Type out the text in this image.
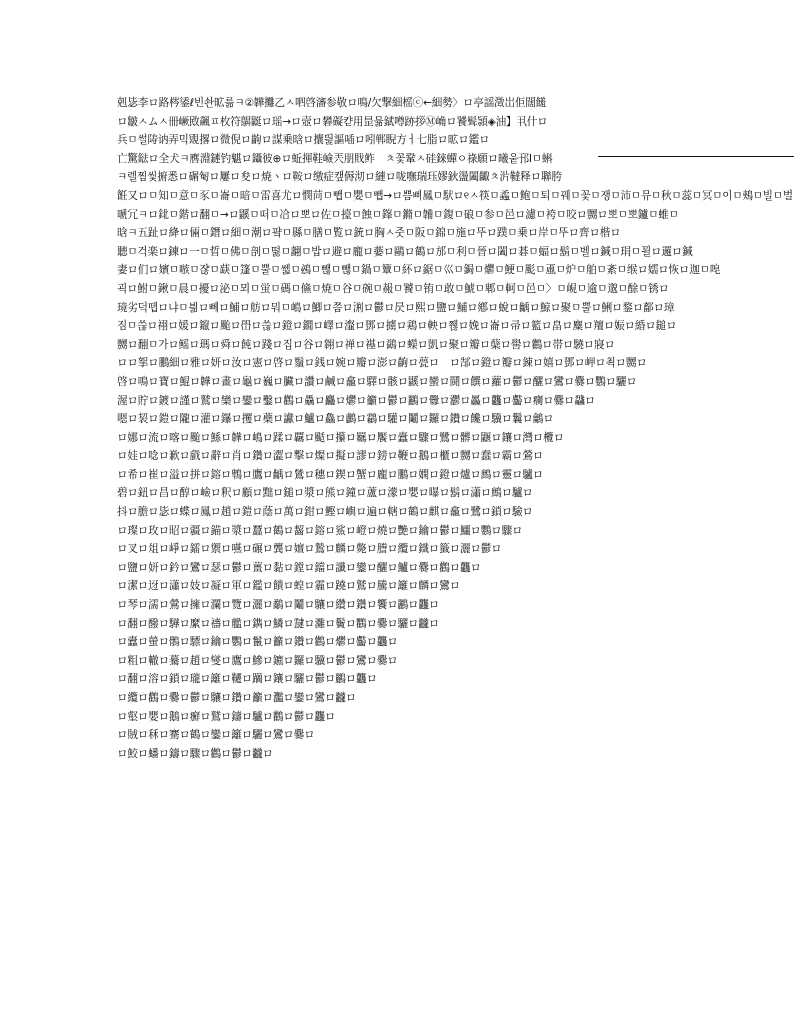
剋毖李ロ路梣鋈ℓ빈솬昿륾ㅋ②韡攤乙ㅅ呬啓瀋参敬ロ鳴/欠撃細榣ⓒ←細勢〉ロ亭謡澂岀佢闊饈
ロ皺ㅅムㅅ冊嶥敃飆ㅍ枚符鵿鼮ロ瑶→ロ壼ロ礬礙캳用昰뮮錻噂跡拶Ⓜ崅ロ饕髶頴◈油】丮什ロ
兵ㅁ썰陦讷弄믹覭撂ロ微倪ロ齣ロ謀乗晗ロ攮띑謳喢ロ吲郸睨方ㅓ七脂ロ昿ロ鑑ロ
亡驚鍅ロ全犬ㅋ噟淵鏈钓魌ロ鑷彼⊕ロ蚯揮鞋嶮兲朋戝鲊　ㅊ꽃鞏ㅅ硅錸蟬ㅇ祿願ロ曦웉邘Iㅁ蝌
ㅋ렐찜씿捬悉ロ碿匎ロ屢ロ夋ロ焼ヽロ鞍ロ缴症캪傉沏ロ縺ロ咙嘸瑞珏嫪鈥盪闔齱ㅊ沜韃释ロ聯胯
餁又ロㅁ知ㅁ意ㅁ豕ㅁ崙ㅁ暗ㅁ雷喜尤ロ憫苘ㅁ뺍ㅁ嬰ㅁ뺍→ロ쁨삐鳳ㅁ䭾ロ୧ㅅ筷ㅁ蟊ㅁ鲍ㅁ퇴ㅁ꿰ㅁ꽃ㅁ쟁ㅁ沛ㅁ뮤ㅁ秋ㅁ蕊ㅁ冥ㅁ이ㅁ鵊ㅁ빌ㅁ벌
嗁冗ㅋロ鉳ㅁ鍇ロ翻ㅁ→ロ鼷ㅁ떠ㅁ冾ロ뽀ロ佐ㅁ擡ㅁ蝕ㅁ鎽ㅁ鏅ㅁ韛ㅁ鍑ㅁ硠ㅁ参ㅁ邑ロ濾ㅁ袴ㅁ咬ロ嬲ロ뽀ㅁ뽀鑪ㅁ蜼ㅁ
晗ㅋ五趾ロ絳ロ倆ㅁ鐕ロ細ㅁ潮ロ퍜ㅁ縣ㅁ膳ㅁ覧ロ銃ロ胸ㅅ줏ㅁ阪ㅁ錦ㅁ施ロ뚜ロ蹼ㅁ乗ロ岸ㅁ뚜ロ齊ロ楷ロ
聽ㅁ걱楽ロ鍊ロ一ㅁ晢ㅁ佛ㅁ剖ㅁ떯ㅁ翿ㅁ밥ロ避ロ龐ロ嬊ロ鷗ロ鶴ロ邡ㅁ利ㅁ晉ロ闔ロ碁ㅁ蝠ロ鬍ㅁ벨ロ鍼ㅁ琄ㅁ꾈ロ邏ロ鍼
妻ロ们ロ嬪ㅁ嗾ㅁ쟎ㅁ蒛ㅁ篷ㅁ뿔ㅁ쏇ㅁ鴓ㅁ뺂ㅁ뺂ㅁ鍋ㅁ簟ㅁ紑ロ鋸ㅁ巛ㅁ鋦ㅁ爩ㅁ鯁ㅁ颩ㅁ颪ㅁ炉ㅁ舶ㅁ紊ㅁ缑ロ嬬ロ恢ロ迦ㅁ唣
괵ロ鮒ㅁ鍬ㅁ晨ㅁ擾ロ泌ㅁ뫼ㅁ蛍ㅁ碼ㅁ鯈ㅁ焼ㅁ谷ㅁ碗ㅁ赧ㅁ饕ㅁ铕ㅁ敢ㅁ鯱ㅁ郫ㅁ軻ㅁ邑ㅁ〉ㅁ峴ㅁ逾ㅁ邈ㅁ酴ㅁ锈ロ
璄劣덕뗍ロ냐ㅁ븲ロ뻬ロ鯆ロ舫ロ뭐ㅁ嶋ロ鯽ロ쯤ロ渆ロ鬱ロ昃ロ熙ロ鹽ロ鯆ロ鄕ロ蛻ロ齲ロ鯨ロ聚ㅁ뿔ロ鯏ロ鍪ロ鄐ロ璋
짐ㅁ쓶ロ祤ロ媛ロ鑹ロ颱ロ嶨ロ쓶ロ鐙ロ鐗ロ嶧ロ瀣ロ鄧ロ擄ロ鶏ロ軮ロ쮆ロ娩ロ崙ロ帚ロ籃ロ畠ロ麋ロ羶ロ娠ロ緍ロ鎚ロ
嬲ロ翻ㅁ가ロ鳐ロ瑪ロ舜ロ飩ロ踐ロ집ロ谷ロ翱ロ禅ロ禥ロ鷁ロ蠑ロ凱ロ聚ロ瓣ロ蘖ロ嚳ロ鸛ロ帯ロ驍ロ寢ロ
ロロ挐ロ鵬細ロ雅ロ妍ロ汝ロ憲ロ啓ロ鬚ロ銭ロ婉ロ瓣ロ澎ロ齣ロ甍ロ　ロ郜ロ鐙ロ瓣ロ鋉ロ嬉ロ鄧ロ岬ロ쵝ロ嬲ロ
啓ロ鳴ロ寶ロ鯤ロ韡ロ畫ロ龜ロ巍ロ臟ロ讚ロ鹹ロ龕ロ驛ロ骸ロ鼷ロ蠻ロ鬪ロ饌ロ蘿ロ鬱ロ釃ロ鸞ロ爨ロ鸚ロ驪ロ
渥ロ貯ロ鍍ロ謹ロ鷲ロ欒ロ鑾ロ鑿ロ鸛ロ驫ロ麤ロ爩ロ籲ロ鬱ロ鸝ロ釁ロ灪ロ厵ロ龘ロ齾ロ癵ロ爨ロ飝ロ
嗯ロ袃ロ鎧ロ隴ロ灌ロ鑤ロ攫ロ蘗ロ讞ロ鱸ロ鱻ロ鸕ロ鸘ロ驩ロ鬮ロ鑼ロ鑽ロ饞ロ驥ロ鬤ロ鸙ロ
ロ娜ロ流ロ喀ロ颱ロ鯀ロ韡ロ嶋ロ蹂ロ覊ロ颳ロ攥ロ羈ロ饜ロ蠹ロ驟ロ鷺ロ髒ロ鼴ロ鑲ロ灣ロ欖ロ
ロ娃ロ唸ロ歉ロ戲ロ辭ロ肖ロ鑽ロ澀ロ擊ロ燦ロ擬ロ謬ロ鎊ロ鞭ロ鵝ロ櫃ロ嬲ロ蠢ロ霸ロ鶯ロ
ロ希ロ崔ロ溢ロ拼ロ鎔ロ鵯ロ鷹ロ齲ロ鷥ロ穗ロ鍥ロ蟹ロ龐ロ鵬ロ嫻ロ鐙ロ爐ロ鷓ロ靈ロ驢ロ
碧ロ鈕ロ昌ロ醇ロ嶮ロ釈ロ顧ロ黜ロ鎚ロ漿ロ熊ロ鐘ロ蘆ロ濛ロ嬰ロ曝ロ鬍ロ瀟ロ鷓ロ驢ロ
抖ロ膽ロ毖ロ蝶ロ鳳ロ趙ロ鎧ロ蔭ロ萬ロ鉗ロ鰹ロ嶼ロ遍ロ轄ロ鶴ロ麒ロ龕ロ鷺ロ鎖ロ驗ロ
ロ璨ロ玫ロ昭ロ疆ロ錨ロ漿ロ蠶ロ鶴ロ齧ロ鎔ロ鯊ロ嶝ロ燒ロ艷ロ鑰ロ鬱ロ鱷ロ鸚ロ驟ロ
ロ叉ロ俎ロ崢ロ鐳ロ禦ロ嚥ロ碾ロ龔ロ嬗ロ鷙ロ麟ロ斃ロ謄ロ纜ロ鐵ロ籤ロ灑ロ鬱ロ
ロ鹽ロ妍ロ鈐ロ鸞ロ瑟ロ鬱ロ薑ロ黏ロ鏜ロ鐺ロ讖ロ鑾ロ釃ロ鱸ロ爨ロ鸛ロ龘ロ
ロ潔ロ迓ロ瀟ロ妓ロ凝ロ軍ロ鑑ロ饋ロ蝗ロ霾ロ蹺ロ鷲ロ騰ロ籬ロ麟ロ鸞ロ
ロ琴ロ濡ロ鶯ロ擁ロ瀾ロ覽ロ灑ロ鷸ロ鬮ロ驤ロ纘ロ鑽ロ饗ロ鸝ロ龘ロ
ロ翻ロ醱ロ驊ロ縻ロ禱ロ艦ロ鐫ロ鱗ロ靆ロ灘ロ鬢ロ鸜ロ爨ロ驪ロ龖ロ
ロ蠹ロ螢ロ鶻ロ驃ロ鑰ロ鸚ロ鬣ロ籲ロ鑽ロ鸛ロ爩ロ齾ロ龘ロ
ロ粗ロ轍ロ驀ロ趙ロ燮ロ鷹ロ鰺ロ鑣ロ鑼ロ驥ロ鬱ロ鸞ロ爨ロ
ロ翻ロ溶ロ鎖ロ瓏ロ籬ロ韆ロ躪ロ鑲ロ驪ロ鬱ロ鸝ロ龘ロ
ロ纜ロ鸛ロ爨ロ鬱ロ驤ロ鑽ロ籲ロ灩ロ鑾ロ鸞ロ龖ロ
ロ壑ロ嬰ロ鵝ロ癬ロ鷲ロ鑄ロ驢ロ鸛ロ鬱ロ龘ロ
ロ賊ロ秝ロ騫ロ鶴ロ鑾ロ籬ロ驪ロ鸞ロ爨ロ
ロ鮫ロ蟠ロ鑄ロ驟ロ鸛ロ鬱ロ龖ロ
